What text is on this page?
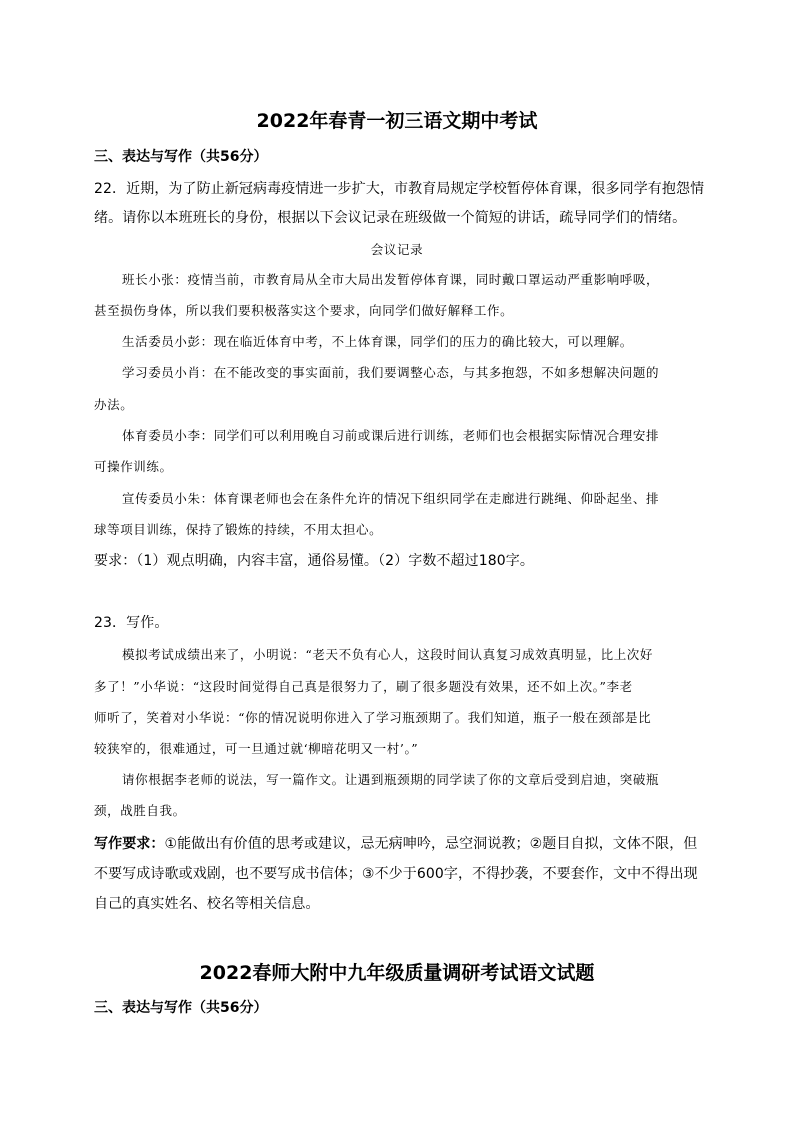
2022年春青一初三语文期中考试
三、表达与写作（共56分）
22．近期，为了防止新冠病毒疫情进一步扩大，市教育局规定学校暂停体育课，很多同学有抱怨情
绪。请你以本班班长的身份，根据以下会议记录在班级做一个简短的讲话，疏导同学们的情绪。
会议记录
班长小张：疫情当前，市教育局从全市大局出发暂停体育课，同时戴口罩运动严重影响呼吸，
甚至损伤身体，所以我们要积极落实这个要求，向同学们做好解释工作。
生活委员小彭：现在临近体育中考，不上体育课，同学们的压力的确比较大，可以理解。
学习委员小肖：在不能改变的事实面前，我们要调整心态，与其多抱怨，不如多想解决问题的
办法。
体育委员小李：同学们可以利用晚自习前或课后进行训练，老师们也会根据实际情况合理安排
可操作训练。
宣传委员小朱：体育课老师也会在条件允许的情况下组织同学在走廊进行跳绳、仰卧起坐、排
球等项目训练，保持了锻炼的持续，不用太担心。
要求：（1）观点明确，内容丰富，通俗易懂。（2）字数不超过180字。
23．写作。
模拟考试成绩出来了，小明说：“老天不负有心人，这段时间认真复习成效真明显，比上次好
多了！”小华说：“这段时间觉得自己真是很努力了，刷了很多题没有效果，还不如上次。”李老
师听了，笑着对小华说：“你的情况说明你进入了学习瓶颈期了。我们知道，瓶子一般在颈部是比
较狭窄的，很难通过，可一旦通过就‘柳暗花明又一村’。”
请你根据李老师的说法，写一篇作文。让遇到瓶颈期的同学读了你的文章后受到启迪，突破瓶
颈，战胜自我。
写作要求：①能做出有价值的思考或建议，忌无病呻吟，忌空洞说教；②题目自拟，文体不限，但
不要写成诗歌或戏剧，也不要写成书信体；③不少于600字，不得抄袭，不要套作，文中不得出现
自己的真实姓名、校名等相关信息。
2022春师大附中九年级质量调研考试语文试题
三、表达与写作（共56分）
